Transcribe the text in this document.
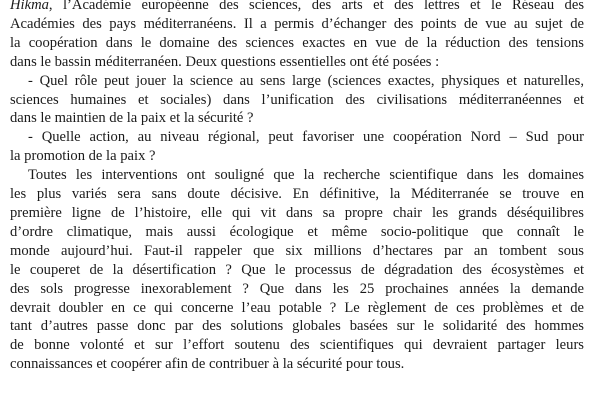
Hikma, l’Académie européenne des sciences, des arts et des lettres et le Réseau des

Académies des pays méditerranéens. Il a permis d’échanger des points de vue au sujet de

la coopération dans le domaine des sciences exactes en vue de la réduction des tensions

dans le bassin méditerranéen. Deux questions essentielles ont été posées :

- Quel rôle peut jouer la science au sens large (sciences exactes, physiques et naturelles,

sciences humaines et sociales) dans l’unification des civilisations méditerranéennes et

dans le maintien de la paix et la sécurité ?

- Quelle action, au niveau régional, peut favoriser une coopération Nord – Sud pour

la promotion de la paix ?

Toutes les interventions ont souligné que la recherche scientifique dans les domaines

les plus variés sera sans doute décisive. En définitive, la Méditerranée se trouve en

première ligne de l’histoire, elle qui vit dans sa propre chair les grands déséquilibres

d’ordre climatique, mais aussi écologique et même socio-politique que connaît le

monde aujourd’hui. Faut-il rappeler que six millions d’hectares par an tombent sous

le couperet de la désertification ? Que le processus de dégradation des écosystèmes et

des sols progresse inexorablement ? Que dans les 25 prochaines années la demande

devrait doubler en ce qui concerne l’eau potable ? Le règlement de ces problèmes et de

tant d’autres passe donc par des solutions globales basées sur le solidarité des hommes

de bonne volonté et sur l’effort soutenu des scientifiques qui devraient partager leurs

connaissances et coopérer afin de contribuer à la sécurité pour tous.
